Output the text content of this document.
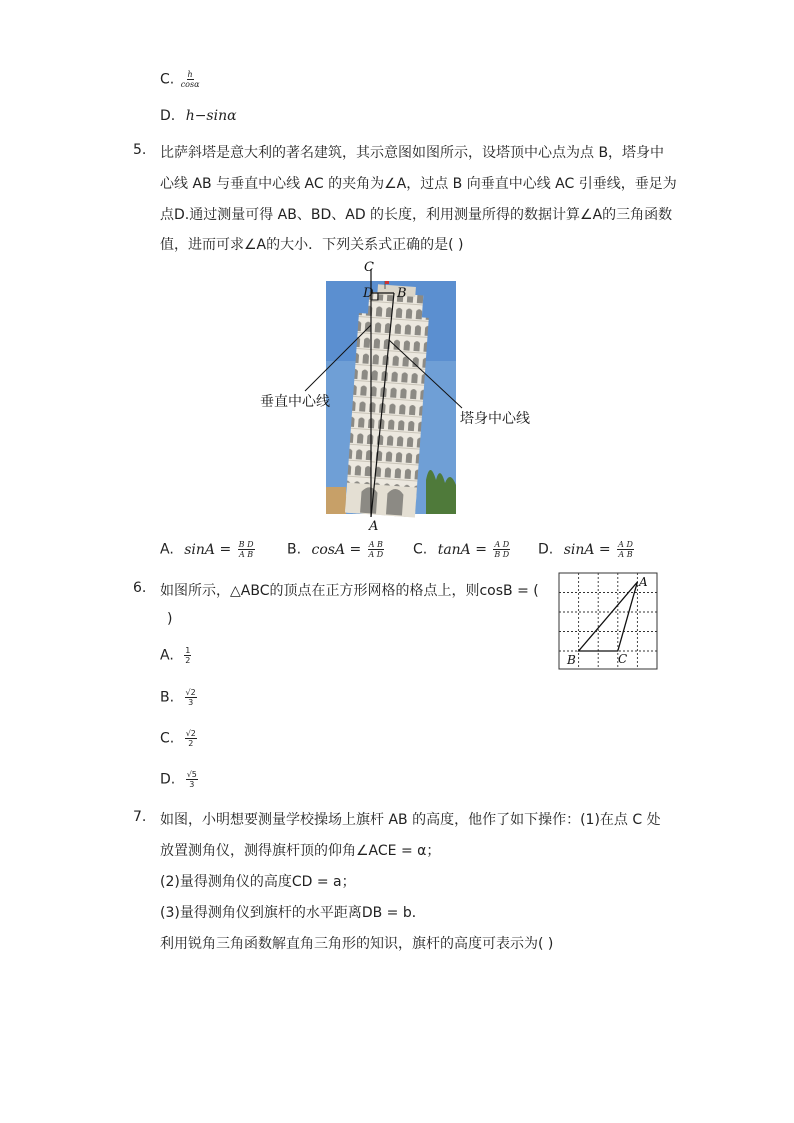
C. $\frac{h}{\cos\alpha}$
D. h−sinα
5. 比萨斜塔是意大利的著名建筑，其示意图如图所示，设塔顶中心点为点 B，塔身中
心线 AB 与垂直中心线 AC 的夹角为∠A，过点 B 向垂直中心线 AC 引垂线，垂足为
点D.通过测量可得 AB、BD、AD 的长度，利用测量所得的数据计算∠A的三角函数
值，进而可求∠A的大小．下列关系式正确的是( )
C
D B
A
垂直中心线
塔身中心线
A. $\sin A = \frac{\text{B D}}{\text{A B}} B$. $\cos A = \frac{\text{A B}}{\text{A D}} C$. $\tan A = \frac{\text{A D}}{\text{B D}} D$. $\sin A = \frac{\text{A D}}{\text{A B}}$
6. 如图所示，△ABC的顶点在正方形网格的格点上，则cosB = (
)
A. $\frac{1}{2}$
B. $\frac{√2}{3}$
C. $\frac{√2}{2}$
D. $\frac{√5}{3}$
A
B	C
7. 如图，小明想要测量学校操场上旗杆 AB 的高度，他作了如下操作：(1)在点 C 处
放置测角仪，测得旗杆顶的仰角∠ACE = α；
(2)量得测角仪的高度CD = a；
(3)量得测角仪到旗杆的水平距离DB = b．
利用锐角三角函数解直角三角形的知识，旗杆的高度可表示为( )
